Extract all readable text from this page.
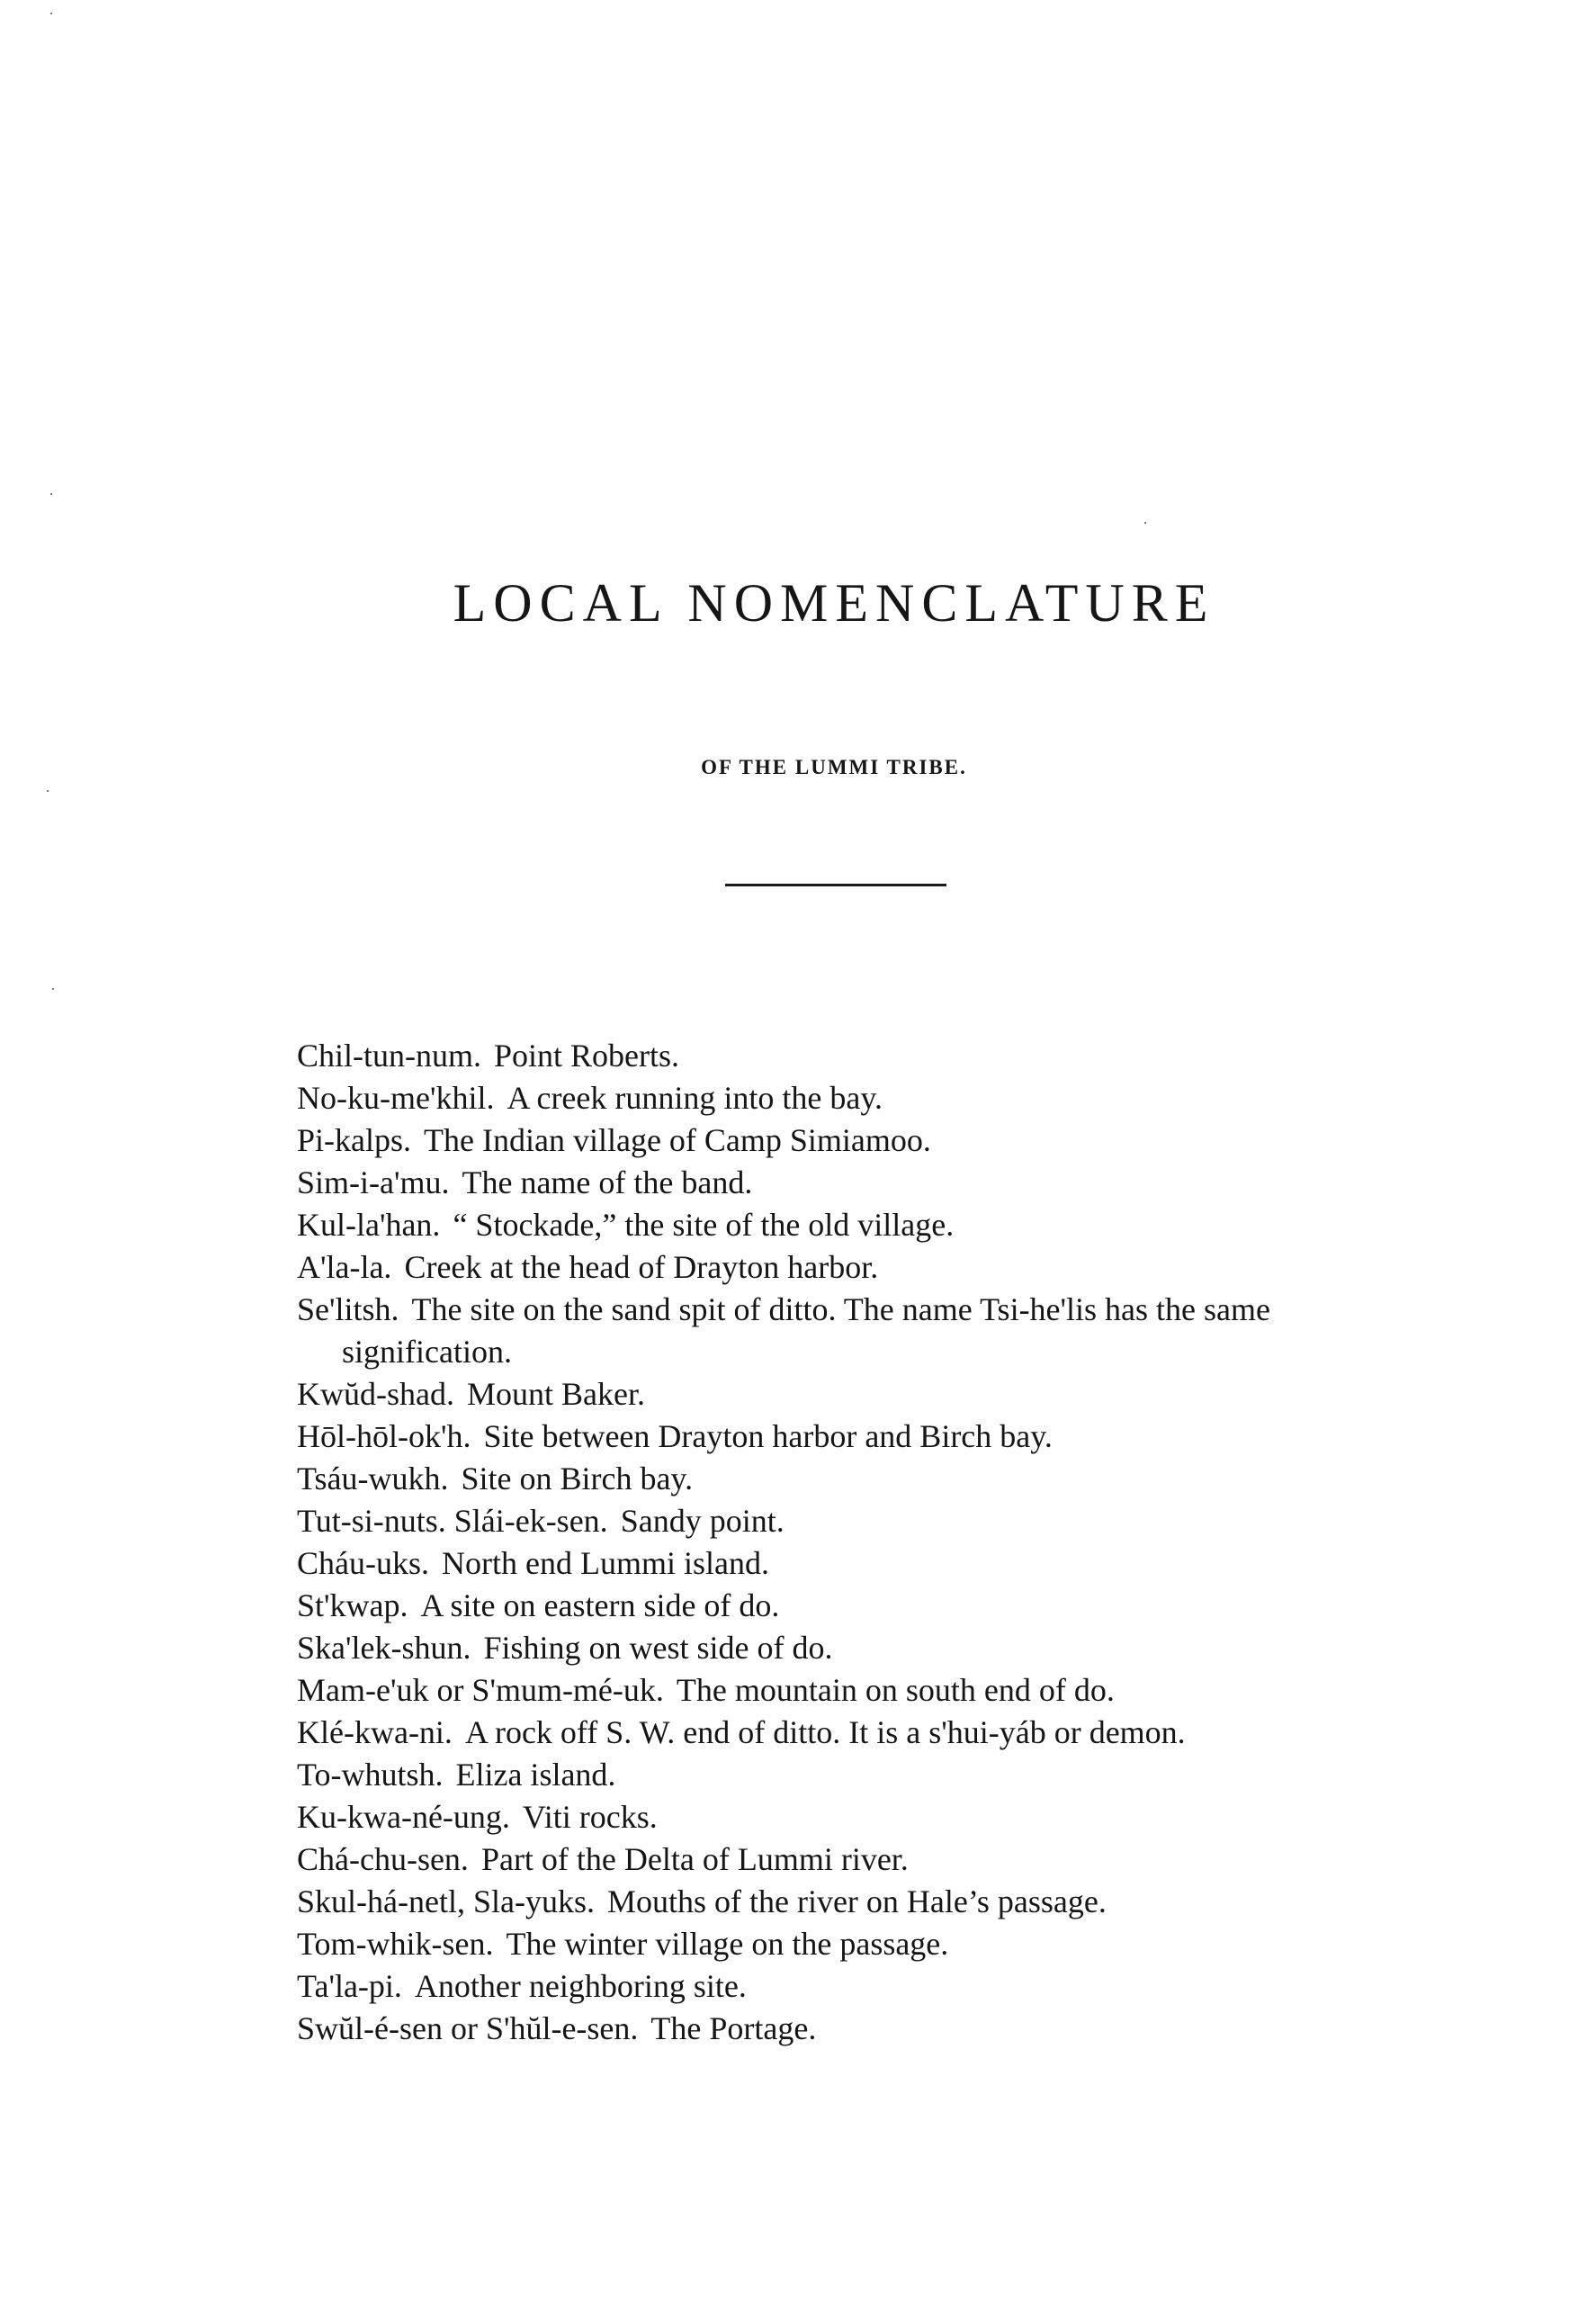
LOCAL NOMENCLATURE
OF THE LUMMI TRIBE.
Chil-tun-num. Point Roberts.
No-ku-me'khil. A creek running into the bay.
Pi-kalps. The Indian village of Camp Simiamoo.
Sim-i-a'mu. The name of the band.
Kul-la'han. “ Stockade,” the site of the old village.
A'la-la. Creek at the head of Drayton harbor.
Se'litsh. The site on the sand spit of ditto. The name Tsi-he'lis has the same signification.
Kwŭd-shad. Mount Baker.
Hōl-hōl-ok'h. Site between Drayton harbor and Birch bay.
Tsáu-wukh. Site on Birch bay.
Tut-si-nuts. Slái-ek-sen. Sandy point.
Cháu-uks. North end Lummi island.
St'kwap. A site on eastern side of do.
Ska'lek-shun. Fishing on west side of do.
Mam-e'uk or S'mum-mé-uk. The mountain on south end of do.
Klé-kwa-ni. A rock off S. W. end of ditto. It is a s'hui-yáb or demon.
To-whutsh. Eliza island.
Ku-kwa-né-ung. Viti rocks.
Chá-chu-sen. Part of the Delta of Lummi river.
Skul-há-netl, Sla-yuks. Mouths of the river on Hale’s passage.
Tom-whik-sen. The winter village on the passage.
Ta'la-pi. Another neighboring site.
Swŭl-é-sen or S'hŭl-e-sen. The Portage.
